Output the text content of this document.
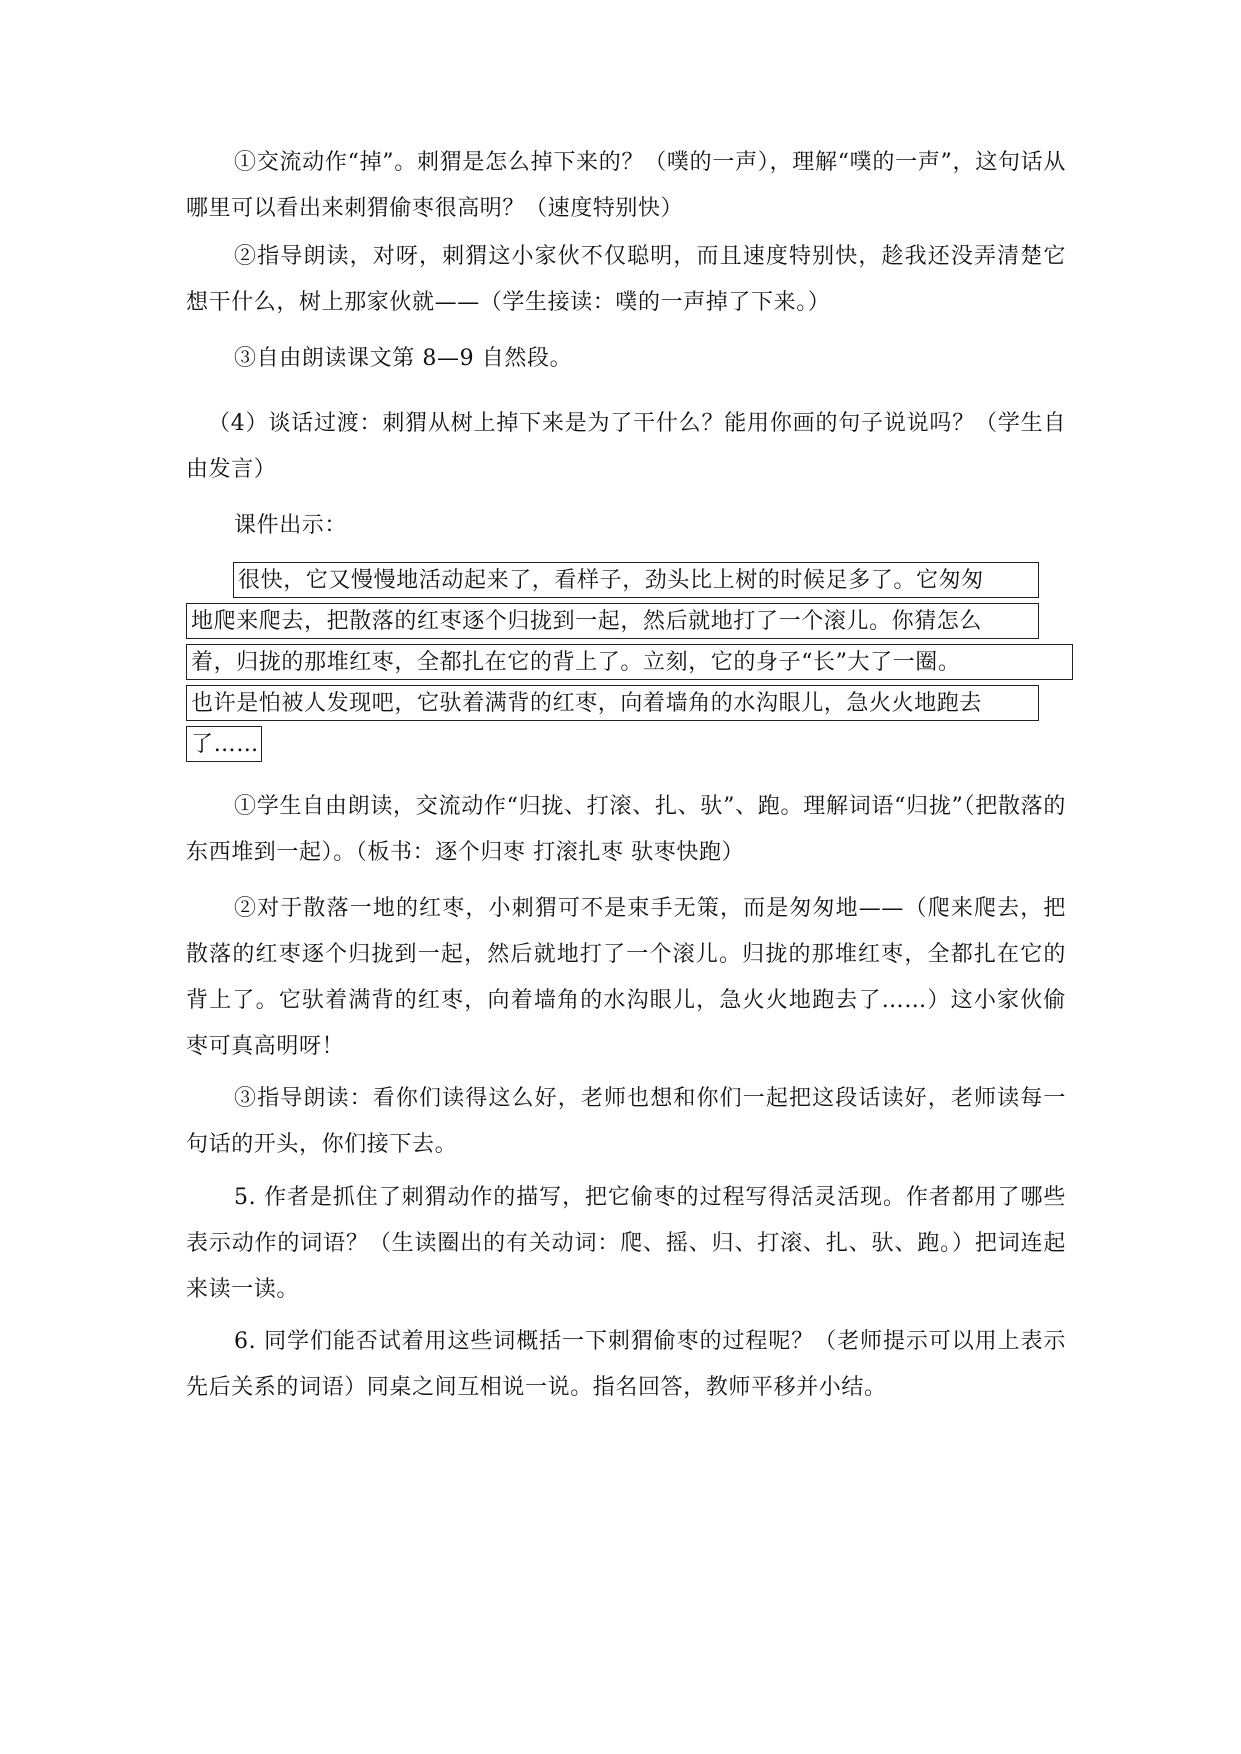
①交流动作“掉”。刺猬是怎么掉下来的？（噗的一声），理解“噗的一声”，这句话从哪里可以看出来刺猬偷枣很高明？（速度特别快）

②指导朗读，对呀，刺猬这小家伙不仅聪明，而且速度特别快，趁我还没弄清楚它想干什么，树上那家伙就——（学生接读：噗的一声掉了下来。）

③自由朗读课文第 8—9 自然段。

（4）谈话过渡：刺猬从树上掉下来是为了干什么？能用你画的句子说说吗？（学生自由发言）

课件出示：

很快，它又慢慢地活动起来了，看样子，劲头比上树的时候足多了。它匆匆
地爬来爬去，把散落的红枣逐个归拢到一起，然后就地打了一个滚儿。你猜怎么
着，归拢的那堆红枣，全都扎在它的背上了。立刻，它的身子“长”大了一圈。
也许是怕被人发现吧，它驮着满背的红枣，向着墙角的水沟眼儿，急火火地跑去
了……

①学生自由朗读，交流动作“归拢、打滚、扎、驮”、跑。理解词语“归拢”（把散落的东西堆到一起）。（板书：逐个归枣 打滚扎枣 驮枣快跑）

②对于散落一地的红枣，小刺猬可不是束手无策，而是匆匆地——（爬来爬去，把散落的红枣逐个归拢到一起，然后就地打了一个滚儿。归拢的那堆红枣，全都扎在它的背上了。它驮着满背的红枣，向着墙角的水沟眼儿，急火火地跑去了……）这小家伙偷枣可真高明呀！

③指导朗读：看你们读得这么好，老师也想和你们一起把这段话读好，老师读每一句话的开头，你们接下去。

5. 作者是抓住了刺猬动作的描写，把它偷枣的过程写得活灵活现。作者都用了哪些表示动作的词语？（生读圈出的有关动词：爬、摇、归、打滚、扎、驮、跑。）把词连起来读一读。

6. 同学们能否试着用这些词概括一下刺猬偷枣的过程呢？（老师提示可以用上表示先后关系的词语）同桌之间互相说一说。指名回答，教师平移并小结。
